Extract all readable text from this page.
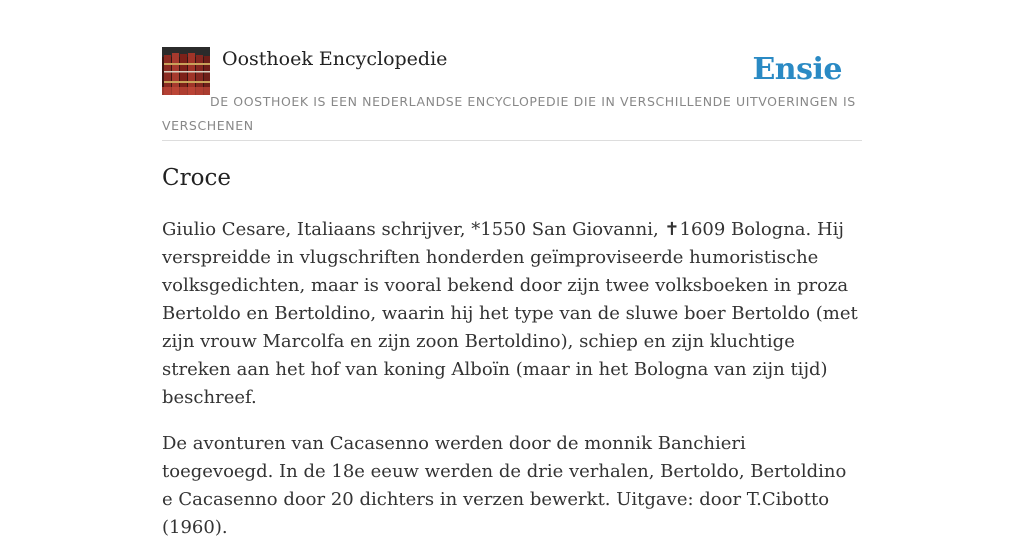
Oosthoek Encyclopedie	Ensie
DE OOSTHOEK IS EEN NEDERLANDSE ENCYCLOPEDIE DIE IN VERSCHILLENDE UITVOERINGEN IS VERSCHENEN
Croce

Giulio Cesare, Italiaans schrijver, *1550 San Giovanni, ✝1609 Bologna. Hij verspreidde in vlugschriften honderden geïmproviseerde humoristische volksgedichten, maar is vooral bekend door zijn twee volksboeken in proza Bertoldo en Bertoldino, waarin hij het type van de sluwe boer Bertoldo (met zijn vrouw Marcolfa en zijn zoon Bertoldino), schiep en zijn kluchtige streken aan het hof van koning Alboïn (maar in het Bologna van zijn tijd) beschreef.

De avonturen van Cacasenno werden door de monnik Banchieri toegevoegd. In de 18e eeuw werden de drie verhalen, Bertoldo, Bertoldino e Cacasenno door 20 dichters in verzen bewerkt. Uitgave: door T.Cibotto (1960).
